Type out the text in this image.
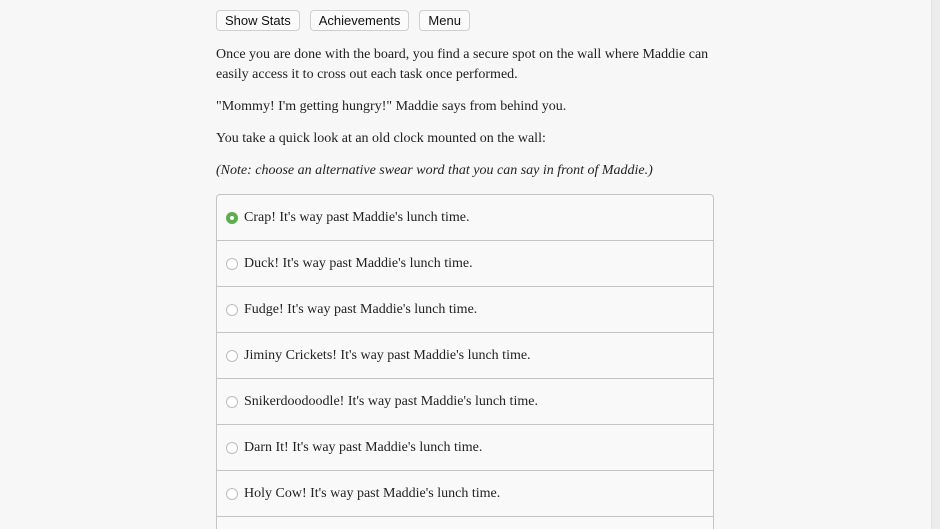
Show Stats	Achievements	Menu

Once you are done with the board, you find a secure spot on the wall where Maddie can easily access it to cross out each task once performed.

"Mommy! I'm getting hungry!" Maddie says from behind you.

You take a quick look at an old clock mounted on the wall:

(Note: choose an alternative swear word that you can say in front of Maddie.)

Crap! It's way past Maddie's lunch time.
Duck! It's way past Maddie's lunch time.
Fudge! It's way past Maddie's lunch time.
Jiminy Crickets! It's way past Maddie's lunch time.
Snikerdoodoodle! It's way past Maddie's lunch time.
Darn It! It's way past Maddie's lunch time.
Holy Cow! It's way past Maddie's lunch time.
